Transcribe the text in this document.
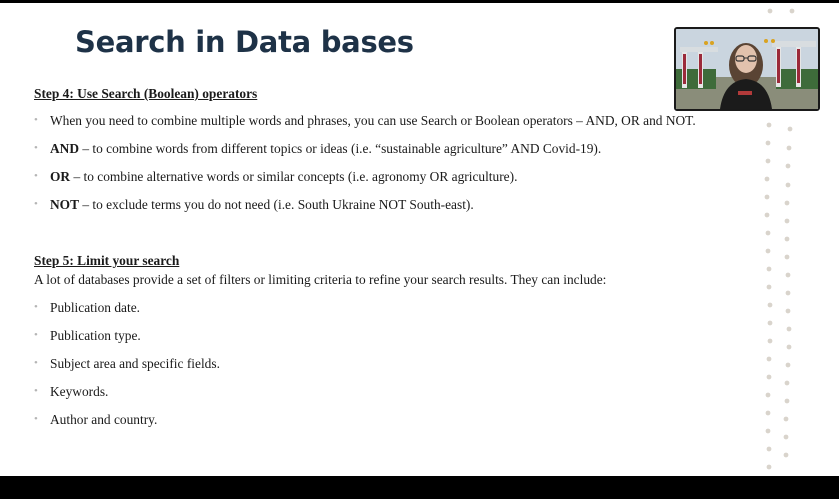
Search in Data bases
Step 4: Use Search (Boolean) operators
• When you need to combine multiple words and phrases, you can use Search or Boolean operators – AND, OR and NOT.
• AND – to combine words from different topics or ideas (i.e. “sustainable agriculture” AND Covid-19).
• OR – to combine alternative words or similar concepts (i.e. agronomy OR agriculture).
• NOT – to exclude terms you do not need (i.e. South Ukraine NOT South-east).
Step 5: Limit your search
A lot of databases provide a set of filters or limiting criteria to refine your search results. They can include:
• Publication date.
• Publication type.
• Subject area and specific fields.
• Keywords.
• Author and country.
